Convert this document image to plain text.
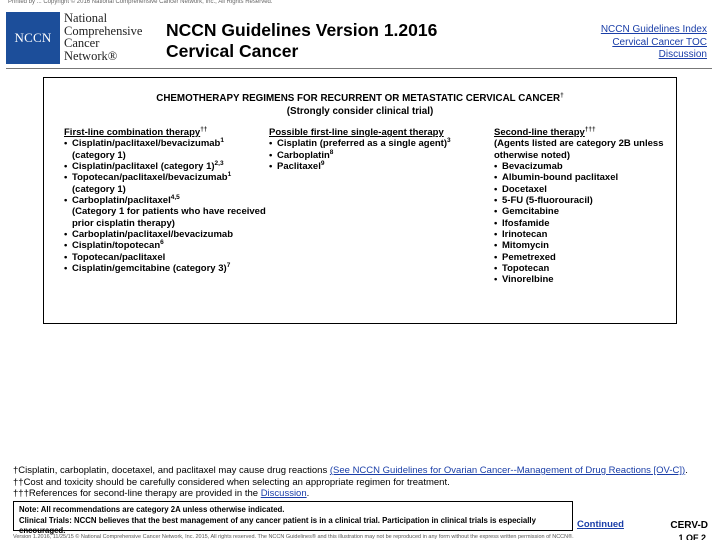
Printed by ... Copyright © 2016 National Comprehensive Cancer Network, Inc., All Rights Reserved.
NCCN
National
Comprehensive
Cancer
Network®
NCCN Guidelines Version 1.2016
Cervical Cancer
NCCN Guidelines Index
Cervical Cancer TOC
Discussion
CHEMOTHERAPY REGIMENS FOR RECURRENT OR METASTATIC CERVICAL CANCER†
(Strongly consider clinical trial)
First-line combination therapy††
• Cisplatin/paclitaxel/bevacizumab$^1$
(category 1)
• Cisplatin/paclitaxel (category 1)$^{2,3}$
• Topotecan/paclitaxel/bevacizumab$^1$
(category 1)
• Carboplatin/paclitaxel$^{4,5}$
(Category 1 for patients who have received
prior cisplatin therapy)
• Carboplatin/paclitaxel/bevacizumab
• Cisplatin/topotecan$^6$
• Topotecan/paclitaxel
• Cisplatin/gemcitabine (category 3)$^7$
Possible first-line single-agent therapy
• Cisplatin (preferred as a single agent)$^3$
• Carboplatin$^8$
• Paclitaxel$^9$
Second-line therapy†††
(Agents listed are category 2B unless
otherwise noted)
• Bevacizumab
• Albumin-bound paclitaxel
• Docetaxel
• 5-FU (5-fluorouracil)
• Gemcitabine
• Ifosfamide
• Irinotecan
• Mitomycin
• Pemetrexed
• Topotecan
• Vinorelbine
†Cisplatin, carboplatin, docetaxel, and paclitaxel may cause drug reactions (See NCCN Guidelines for Ovarian Cancer--Management of Drug Reactions [OV-C]).
††Cost and toxicity should be carefully considered when selecting an appropriate regimen for treatment.
†††References for second-line therapy are provided in the Discussion.
Note: All recommendations are category 2A unless otherwise indicated.
Clinical Trials: NCCN believes that the best management of any cancer patient is in a clinical trial. Participation in clinical trials is especially encouraged.
Continued	CERV-D
1 OF 2
Version 1.2016, 11/25/15 © National Comprehensive Cancer Network, Inc. 2015, All rights reserved. The NCCN Guidelines® and this illustration may not be reproduced in any form without the express written permission of NCCN®.
